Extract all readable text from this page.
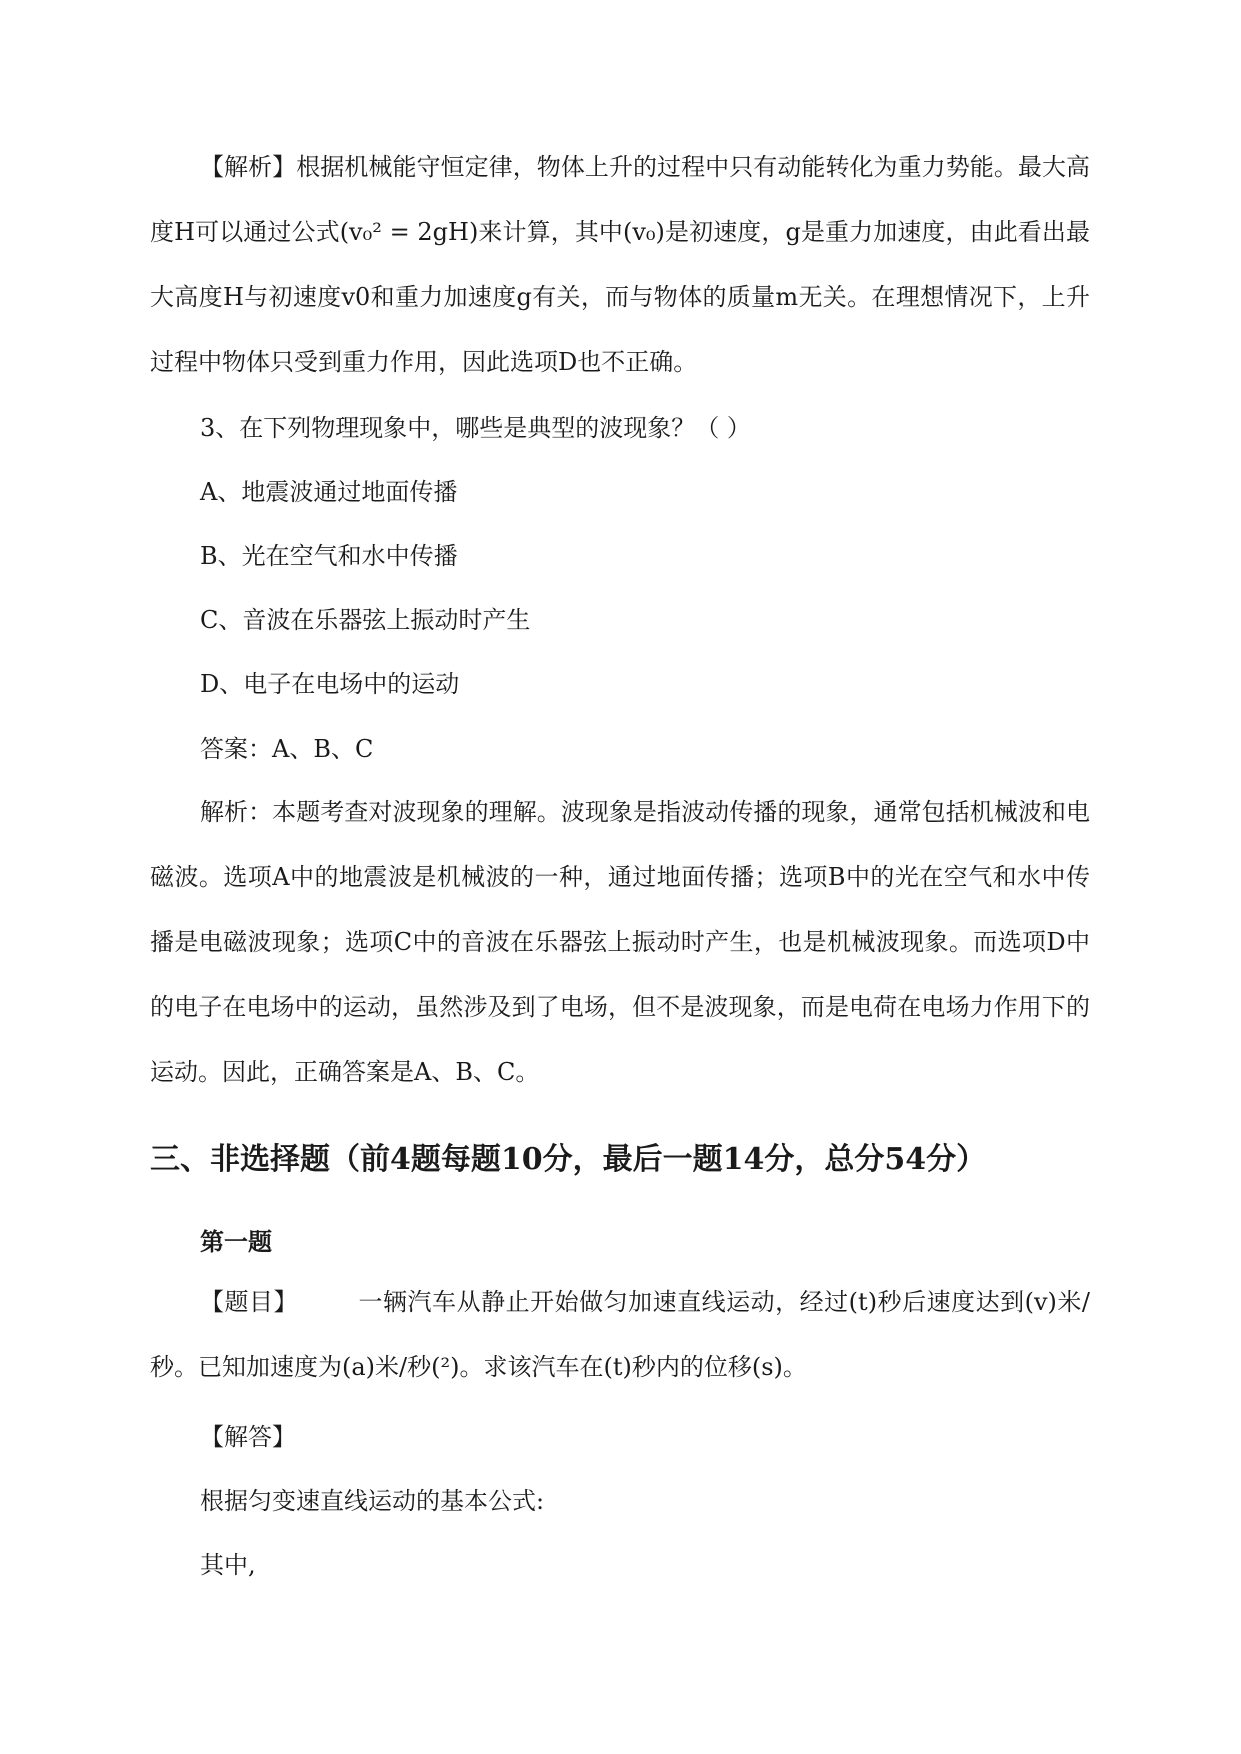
【解析】根据机械能守恒定律，物体上升的过程中只有动能转化为重力势能。最大高度H可以通过公式(v₀² = 2gH)来计算，其中(v₀)是初速度，g是重力加速度，由此看出最大高度H与初速度v0和重力加速度g有关，而与物体的质量m无关。在理想情况下，上升过程中物体只受到重力作用，因此选项D也不正确。

3、在下列物理现象中，哪些是典型的波现象？（ ）

A、地震波通过地面传播

B、光在空气和水中传播

C、音波在乐器弦上振动时产生

D、电子在电场中的运动

答案：A、B、C

解析：本题考查对波现象的理解。波现象是指波动传播的现象，通常包括机械波和电磁波。选项A中的地震波是机械波的一种，通过地面传播；选项B中的光在空气和水中传播是电磁波现象；选项C中的音波在乐器弦上振动时产生，也是机械波现象。而选项D中的电子在电场中的运动，虽然涉及到了电场，但不是波现象，而是电荷在电场力作用下的运动。因此，正确答案是A、B、C。

三、非选择题（前4题每题10分，最后一题14分，总分54分）

第一题

【题目】	一辆汽车从静止开始做匀加速直线运动，经过(t)秒后速度达到(v)米/秒。已知加速度为(a)米/秒(²)。求该汽车在(t)秒内的位移(s)。

【解答】

根据匀变速直线运动的基本公式:

其中,
